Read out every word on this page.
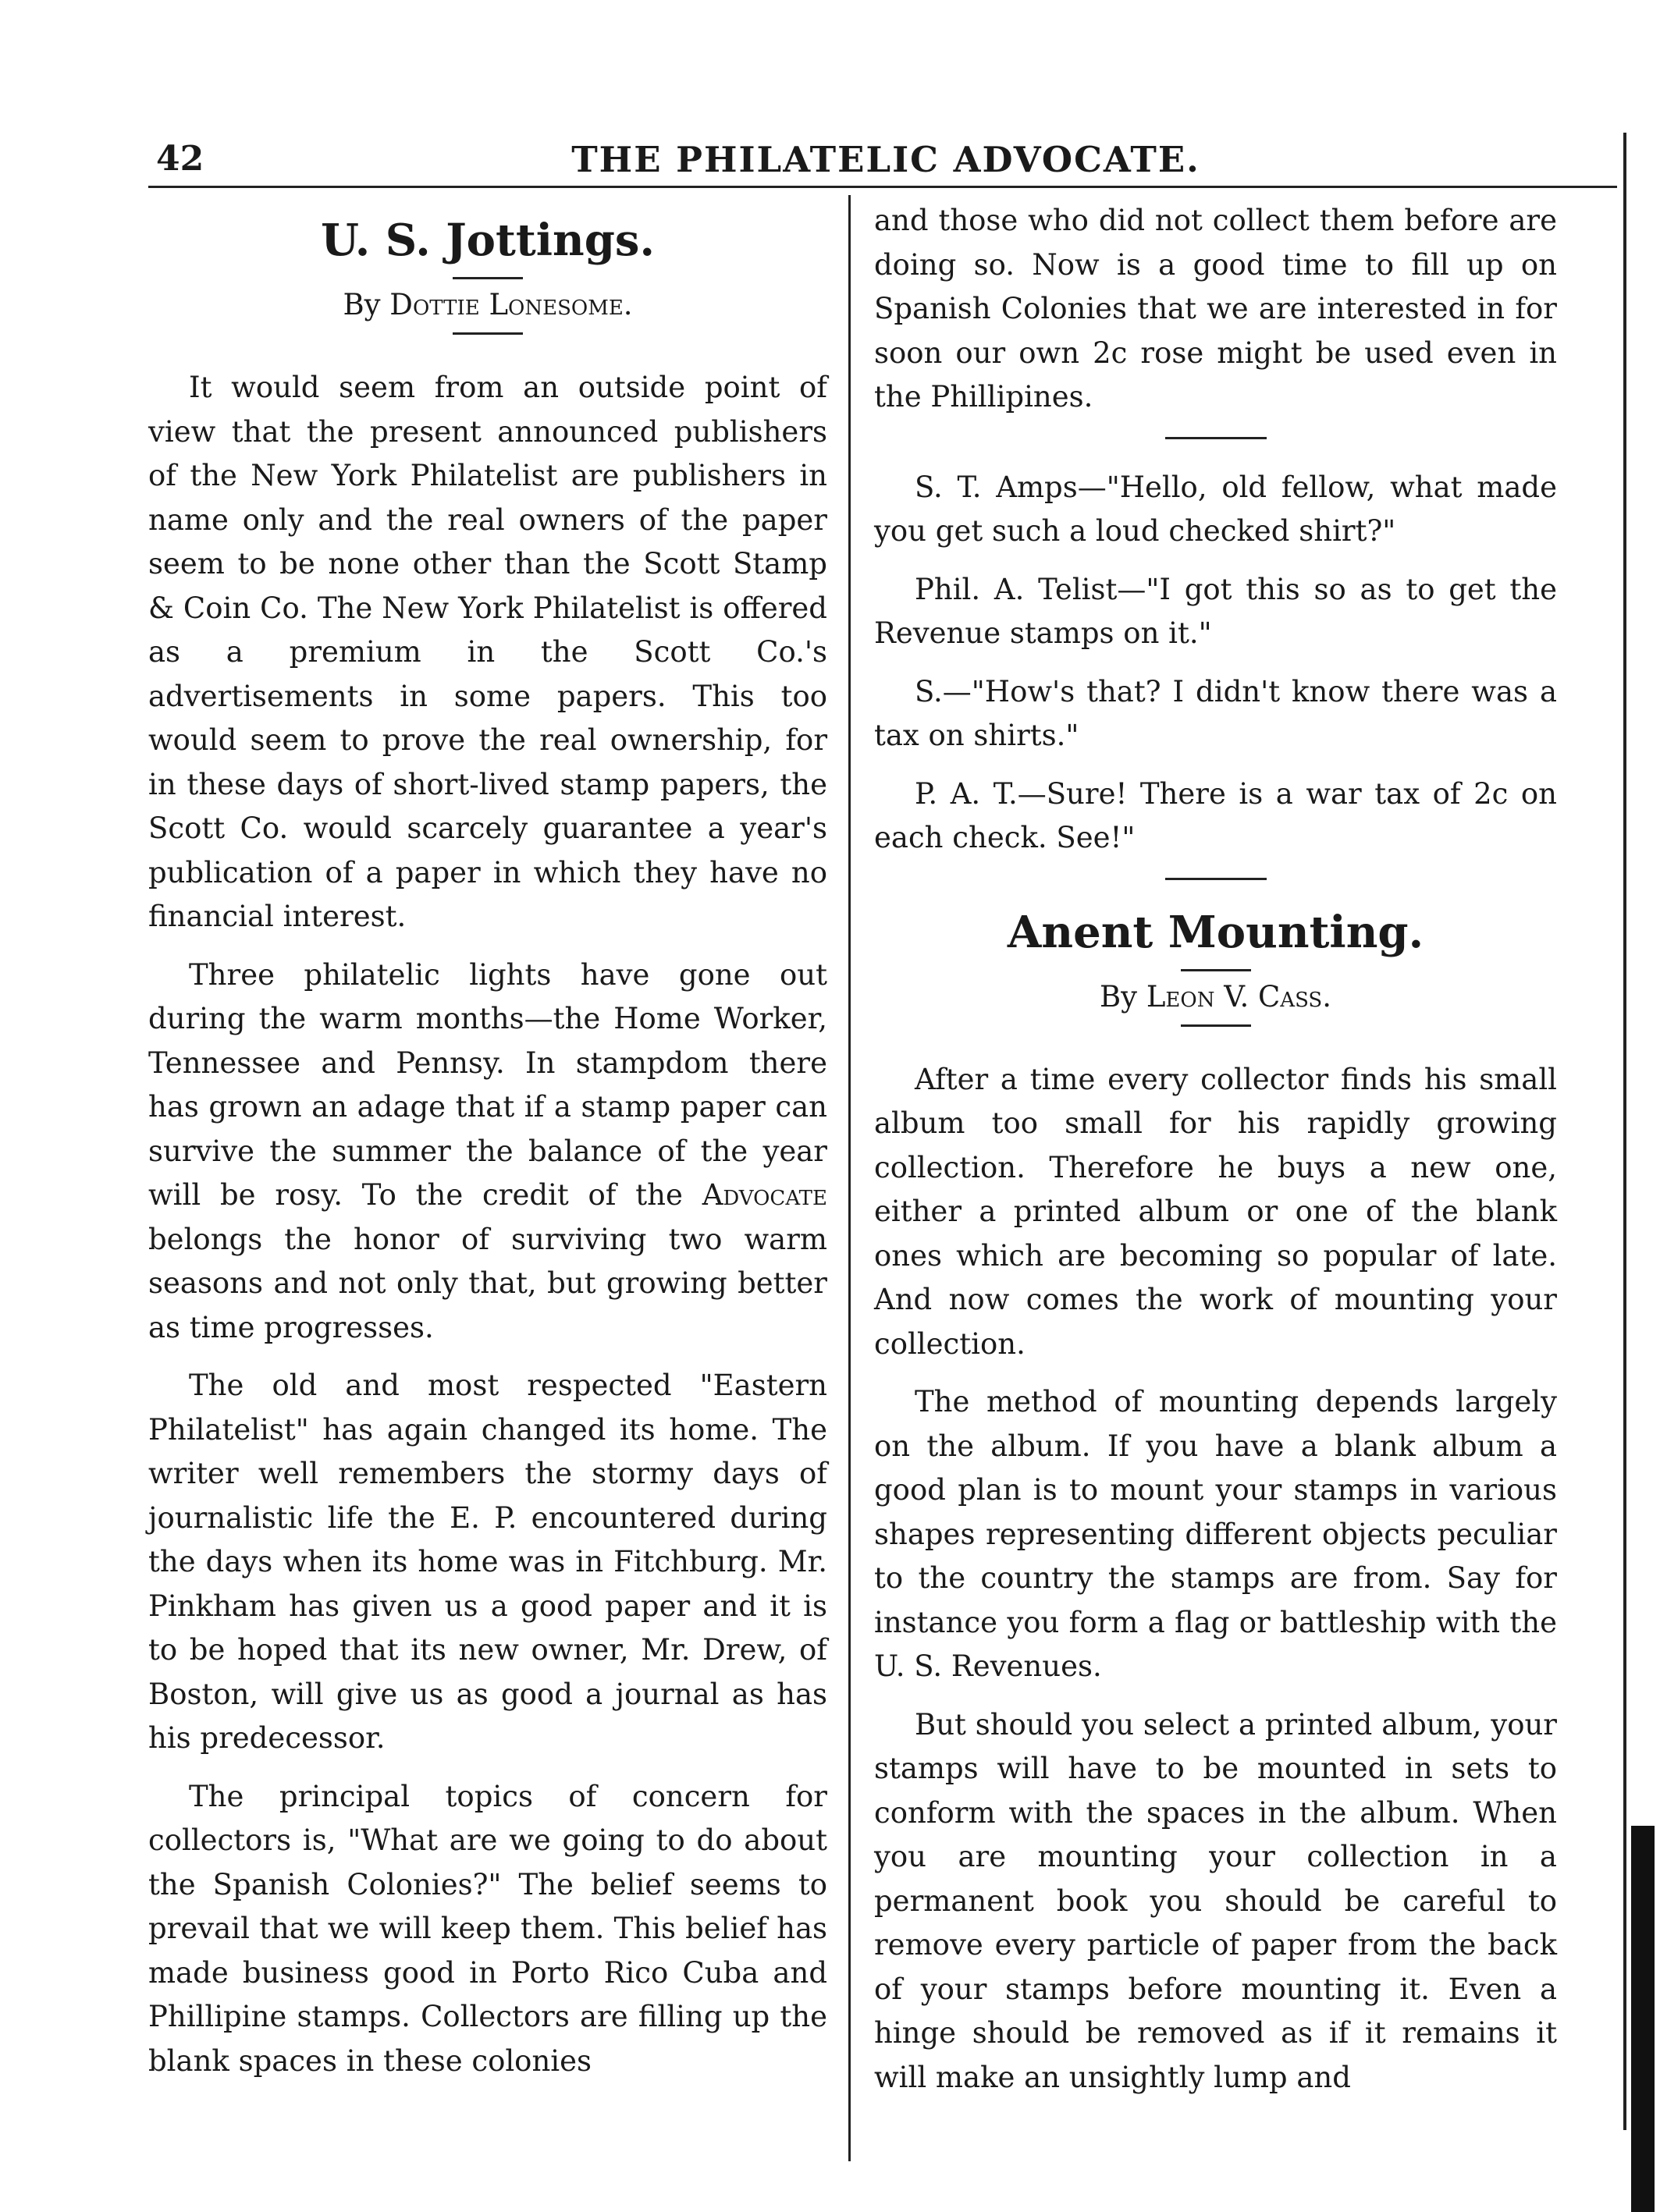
42	THE PHILATELIC ADVOCATE.
U. S. Jottings.
By Dottie Lonesome.

It would seem from an outside point of view that the present announced publishers of the New York Philatelist are publishers in name only and the real owners of the paper seem to be none other than the Scott Stamp & Coin Co. The New York Philatelist is offered as a premium in the Scott Co.'s advertisements in some papers. This too would seem to prove the real ownership, for in these days of short-lived stamp papers, the Scott Co. would scarcely guarantee a year's publication of a paper in which they have no financial interest.

Three philatelic lights have gone out during the warm months—the Home Worker, Tennessee and Pennsy. In stampdom there has grown an adage that if a stamp paper can survive the summer the balance of the year will be rosy. To the credit of the Advocate belongs the honor of surviving two warm seasons and not only that, but growing better as time progresses.

The old and most respected "Eastern Philatelist" has again changed its home. The writer well remembers the stormy days of journalistic life the E. P. encountered during the days when its home was in Fitchburg. Mr. Pinkham has given us a good paper and it is to be hoped that its new owner, Mr. Drew, of Boston, will give us as good a journal as has his predecessor.

The principal topics of concern for collectors is, "What are we going to do about the Spanish Colonies?" The belief seems to prevail that we will keep them. This belief has made business good in Porto Rico Cuba and Phillipine stamps. Collectors are filling up the blank spaces in these colonies

and those who did not collect them before are doing so. Now is a good time to fill up on Spanish Colonies that we are interested in for soon our own 2c rose might be used even in the Phillipines.

S. T. Amps—"Hello, old fellow, what made you get such a loud checked shirt?"

Phil. A. Telist—"I got this so as to get the Revenue stamps on it."

S.—"How's that? I didn't know there was a tax on shirts."

P. A. T.—Sure! There is a war tax of 2c on each check. See!"

Anent Mounting.
By Leon V. Cass.

After a time every collector finds his small album too small for his rapidly growing collection. Therefore he buys a new one, either a printed album or one of the blank ones which are becoming so popular of late. And now comes the work of mounting your collection.

The method of mounting depends largely on the album. If you have a blank album a good plan is to mount your stamps in various shapes representing different objects peculiar to the country the stamps are from. Say for instance you form a flag or battleship with the U. S. Revenues.

But should you select a printed album, your stamps will have to be mounted in sets to conform with the spaces in the album. When you are mounting your collection in a permanent book you should be careful to remove every particle of paper from the back of your stamps before mounting it. Even a hinge should be removed as if it remains it will make an unsightly lump and
